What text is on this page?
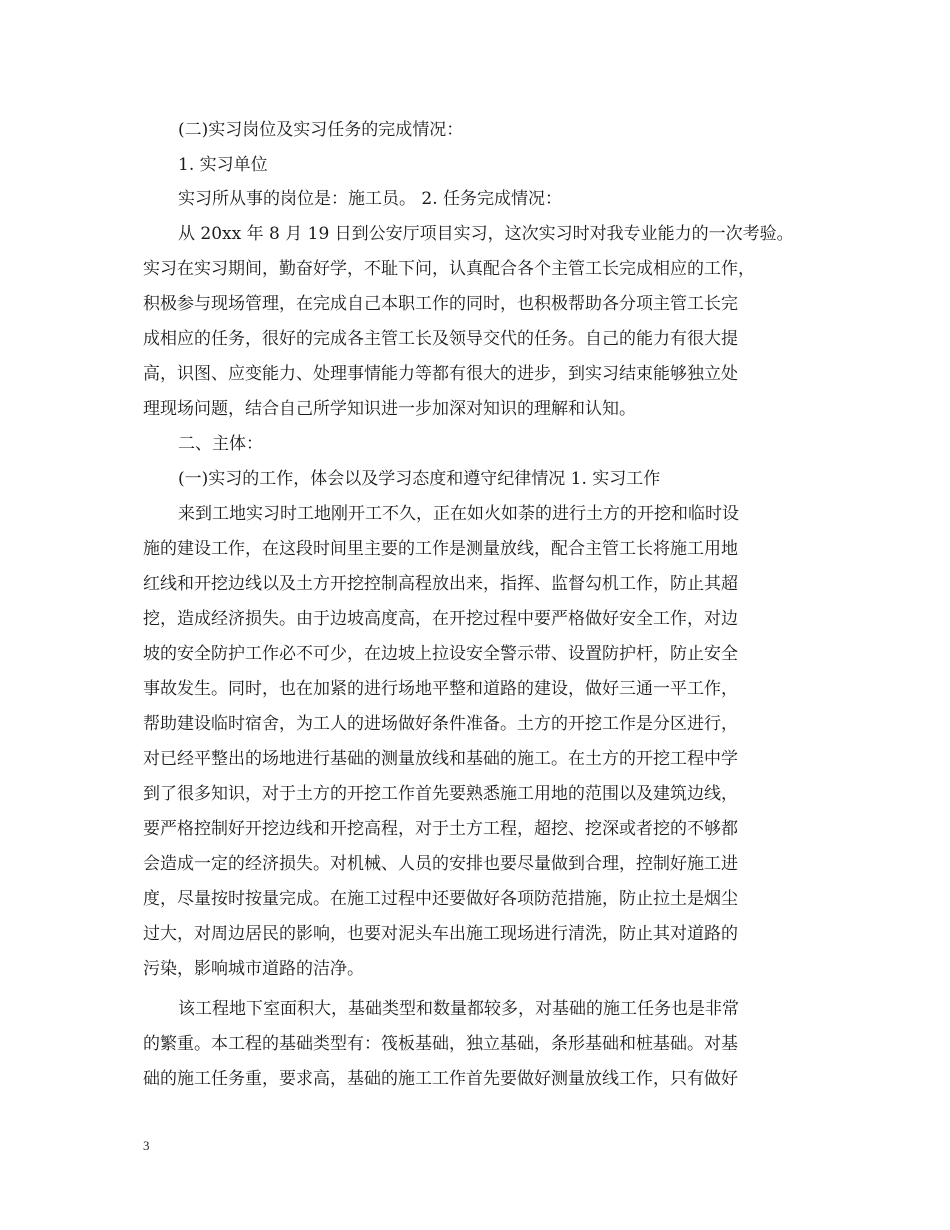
(二)实习岗位及实习任务的完成情况：
1. 实习单位
实习所从事的岗位是：施工员。 2. 任务完成情况：
从 20xx 年 8 月 19 日到公安厅项目实习，这次实习时对我专业能力的一次考验。
实习在实习期间，勤奋好学，不耻下问，认真配合各个主管工长完成相应的工作，
积极参与现场管理，在完成自己本职工作的同时，也积极帮助各分项主管工长完
成相应的任务，很好的完成各主管工长及领导交代的任务。自己的能力有很大提
高，识图、应变能力、处理事情能力等都有很大的进步，到实习结束能够独立处
理现场问题，结合自己所学知识进一步加深对知识的理解和认知。
二、主体：
(一)实习的工作，体会以及学习态度和遵守纪律情况 1. 实习工作
来到工地实习时工地刚开工不久，正在如火如荼的进行土方的开挖和临时设
施的建设工作，在这段时间里主要的工作是测量放线，配合主管工长将施工用地
红线和开挖边线以及土方开挖控制高程放出来，指挥、监督勾机工作，防止其超
挖，造成经济损失。由于边坡高度高，在开挖过程中要严格做好安全工作，对边
坡的安全防护工作必不可少，在边坡上拉设安全警示带、设置防护杆，防止安全
事故发生。同时，也在加紧的进行场地平整和道路的建设，做好三通一平工作，
帮助建设临时宿舍，为工人的进场做好条件准备。土方的开挖工作是分区进行，
对已经平整出的场地进行基础的测量放线和基础的施工。在土方的开挖工程中学
到了很多知识，对于土方的开挖工作首先要熟悉施工用地的范围以及建筑边线，
要严格控制好开挖边线和开挖高程，对于土方工程，超挖、挖深或者挖的不够都
会造成一定的经济损失。对机械、人员的安排也要尽量做到合理，控制好施工进
度，尽量按时按量完成。在施工过程中还要做好各项防范措施，防止拉土是烟尘
过大，对周边居民的影响，也要对泥头车出施工现场进行清洗，防止其对道路的
污染，影响城市道路的洁净。
该工程地下室面积大，基础类型和数量都较多，对基础的施工任务也是非常
的繁重。本工程的基础类型有：筏板基础，独立基础，条形基础和桩基础。对基
础的施工任务重，要求高，基础的施工工作首先要做好测量放线工作，只有做好
3
